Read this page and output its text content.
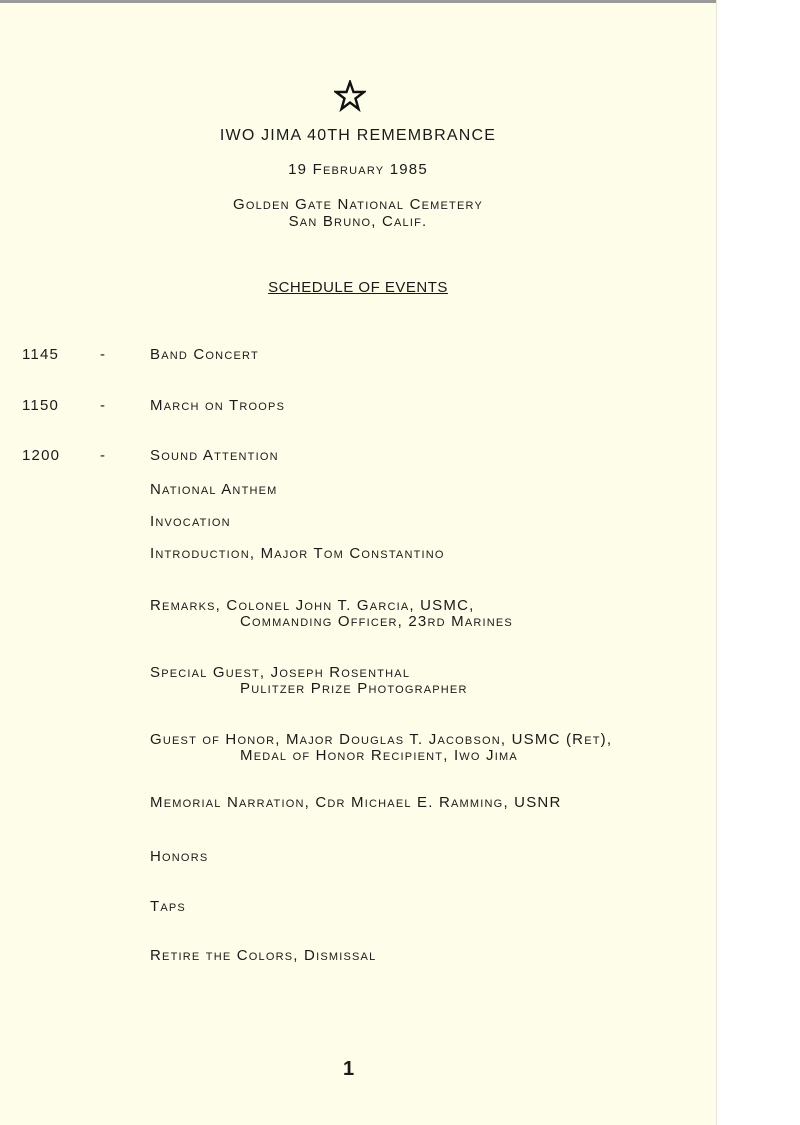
IWO JIMA 40TH REMEMBRANCE
19 February 1985
Golden Gate National Cemetery
San Bruno, Calif.
SCHEDULE OF EVENTS
1145	-	Band Concert
1150	-	March on Troops
1200	-	Sound Attention
National Anthem
Invocation
Introduction, Major Tom Constantino
Remarks, Colonel John T. Garcia, USMC,
Commanding Officer, 23rd Marines
Special Guest, Joseph Rosenthal
Pulitzer Prize Photographer
Guest of Honor, Major Douglas T. Jacobson, USMC (Ret),
Medal of Honor Recipient, Iwo Jima
Memorial Narration, Cdr Michael E. Ramming, USNR
Honors
Taps
Retire the Colors, Dismissal
1
